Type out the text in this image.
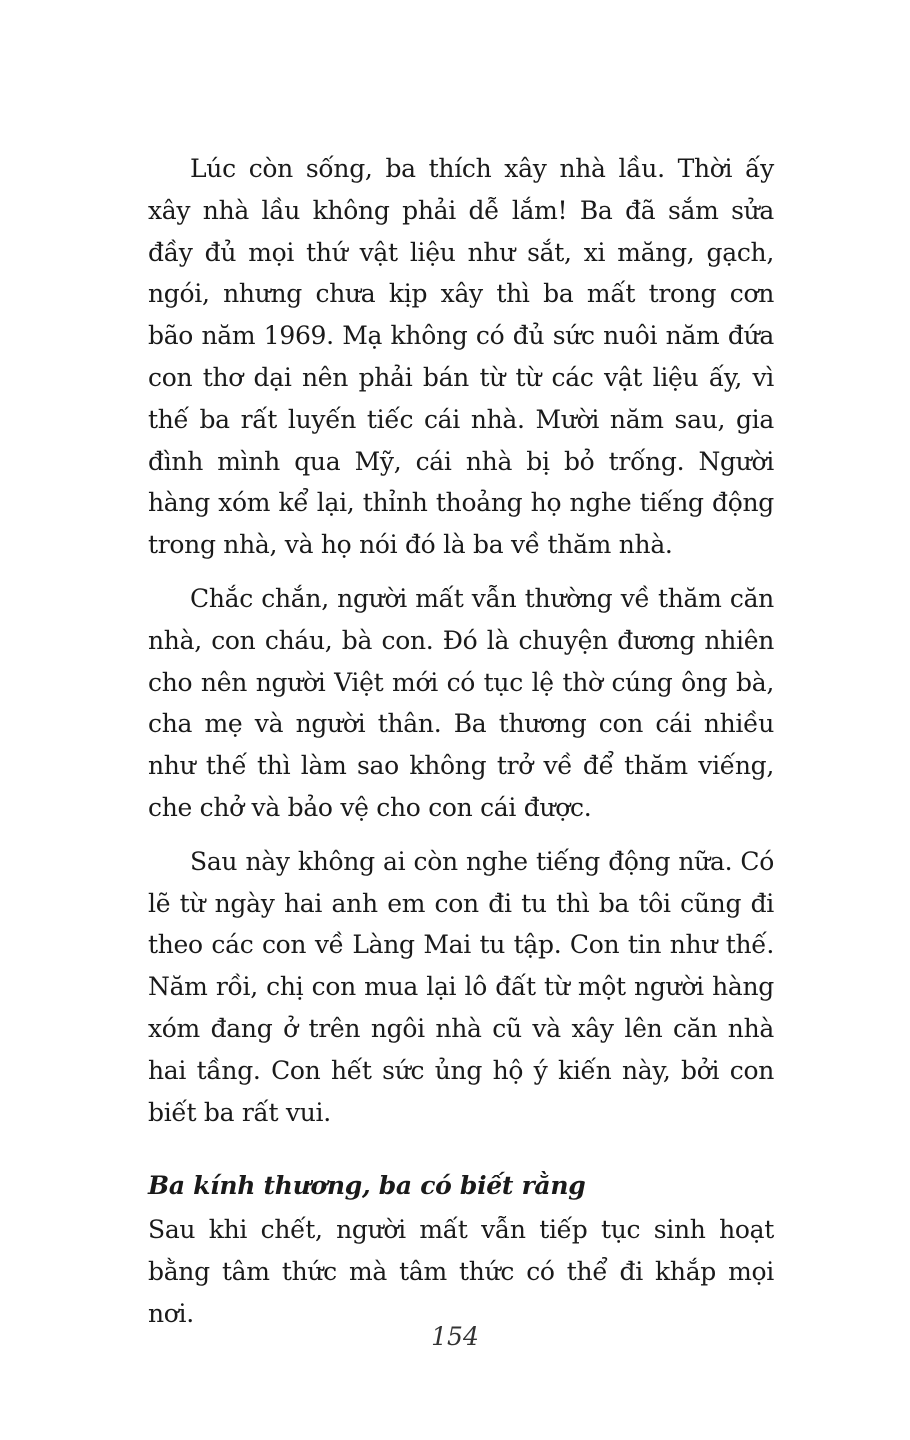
Lúc còn sống, ba thích xây nhà lầu. Thời ấy xây nhà lầu không phải dễ lắm! Ba đã sắm sửa đầy đủ mọi thứ vật liệu như sắt, xi măng, gạch, ngói, nhưng chưa kịp xây thì ba mất trong cơn bão năm 1969. Mạ không có đủ sức nuôi năm đứa con thơ dại nên phải bán từ từ các vật liệu ấy, vì thế ba rất luyến tiếc cái nhà. Mười năm sau, gia đình mình qua Mỹ, cái nhà bị bỏ trống. Người hàng xóm kể lại, thỉnh thoảng họ nghe tiếng động trong nhà, và họ nói đó là ba về thăm nhà.

Chắc chắn, người mất vẫn thường về thăm căn nhà, con cháu, bà con. Đó là chuyện đương nhiên cho nên người Việt mới có tục lệ thờ cúng ông bà, cha mẹ và người thân. Ba thương con cái nhiều như thế thì làm sao không trở về để thăm viếng, che chở và bảo vệ cho con cái được.

Sau này không ai còn nghe tiếng động nữa. Có lẽ từ ngày hai anh em con đi tu thì ba tôi cũng đi theo các con về Làng Mai tu tập. Con tin như thế. Năm rồi, chị con mua lại lô đất từ một người hàng xóm đang ở trên ngôi nhà cũ và xây lên căn nhà hai tầng. Con hết sức ủng hộ ý kiến này, bởi con biết ba rất vui.

Ba kính thương, ba có biết rằng

Sau khi chết, người mất vẫn tiếp tục sinh hoạt bằng tâm thức mà tâm thức có thể đi khắp mọi nơi.

154
